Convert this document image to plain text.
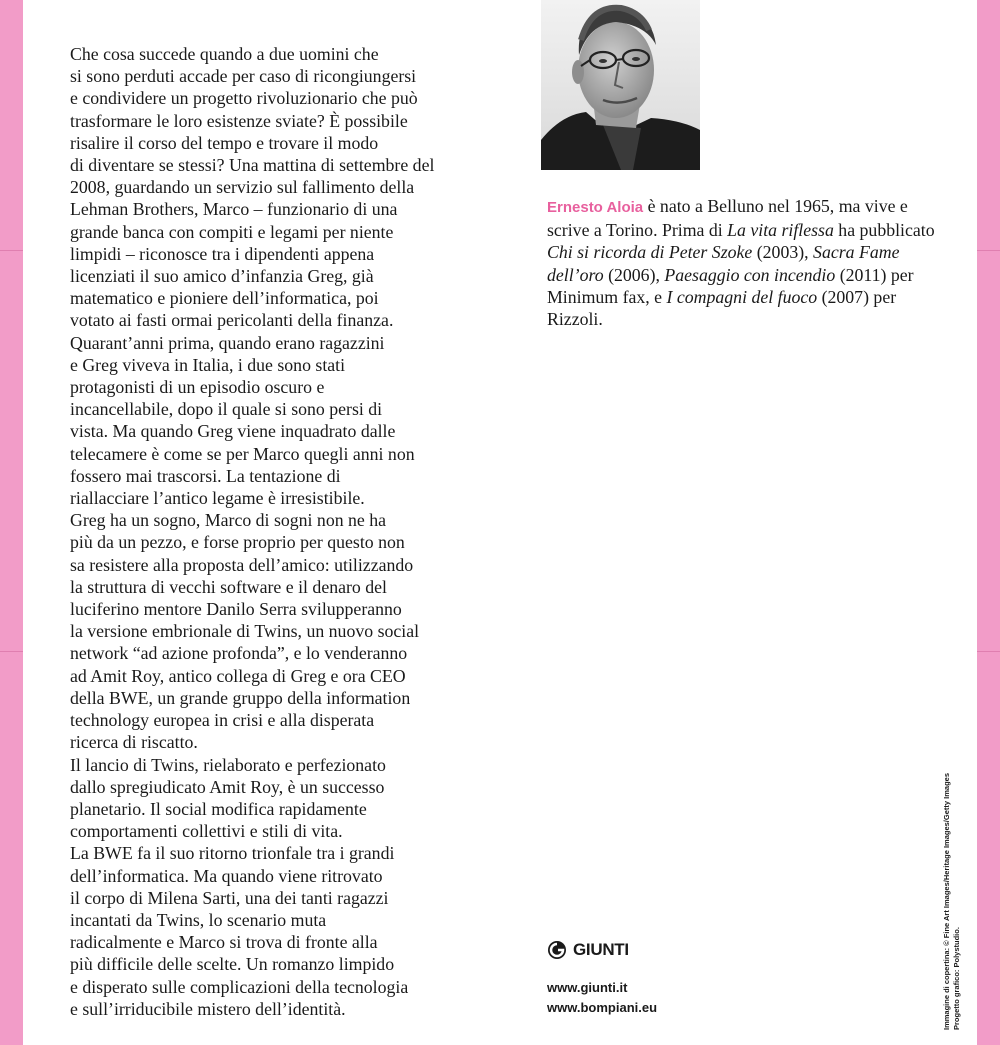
Che cosa succede quando a due uomini che
si sono perduti accade per caso di ricongiungersi
e condividere un progetto rivoluzionario che può
trasformare le loro esistenze sviate? È possibile
risalire il corso del tempo e trovare il modo
di diventare se stessi? Una mattina di settembre del
2008, guardando un servizio sul fallimento della
Lehman Brothers, Marco – funzionario di una
grande banca con compiti e legami per niente
limpidi – riconosce tra i dipendenti appena
licenziati il suo amico d’infanzia Greg, già
matematico e pioniere dell’informatica, poi
votato ai fasti ormai pericolanti della finanza.
Quarant’anni prima, quando erano ragazzini
e Greg viveva in Italia, i due sono stati
protagonisti di un episodio oscuro e
incancellabile, dopo il quale si sono persi di
vista. Ma quando Greg viene inquadrato dalle
telecamere è come se per Marco quegli anni non
fossero mai trascorsi. La tentazione di
riallacciare l’antico legame è irresistibile.
Greg ha un sogno, Marco di sogni non ne ha
più da un pezzo, e forse proprio per questo non
sa resistere alla proposta dell’amico: utilizzando
la struttura di vecchi software e il denaro del
luciferino mentore Danilo Serra svilupperanno
la versione embrionale di Twins, un nuovo social
network “ad azione profonda”, e lo venderanno
ad Amit Roy, antico collega di Greg e ora CEO
della BWE, un grande gruppo della information
technology europea in crisi e alla disperata
ricerca di riscatto.
Il lancio di Twins, rielaborato e perfezionato
dallo spregiudicato Amit Roy, è un successo
planetario. Il social modifica rapidamente
comportamenti collettivi e stili di vita.
La BWE fa il suo ritorno trionfale tra i grandi
dell’informatica. Ma quando viene ritrovato
il corpo di Milena Sarti, una dei tanti ragazzi
incantati da Twins, lo scenario muta
radicalmente e Marco si trova di fronte alla
più difficile delle scelte. Un romanzo limpido
e disperato sulle complicazioni della tecnologia
e sull’irriducibile mistero dell’identità.
Ernesto Aloia è nato a Belluno nel 1965, ma vive e scrive a Torino. Prima di La vita riflessa ha pubblicato Chi si ricorda di Peter Szoke (2003), Sacra Fame dell’oro (2006), Paesaggio con incendio (2011) per Minimum fax, e I compagni del fuoco (2007) per Rizzoli.
GIUNTI
www.giunti.it
www.bompiani.eu	Immagine di copertina: © Fine Art Images/Heritage Images/Getty Images Progetto grafico: Polystudio.
